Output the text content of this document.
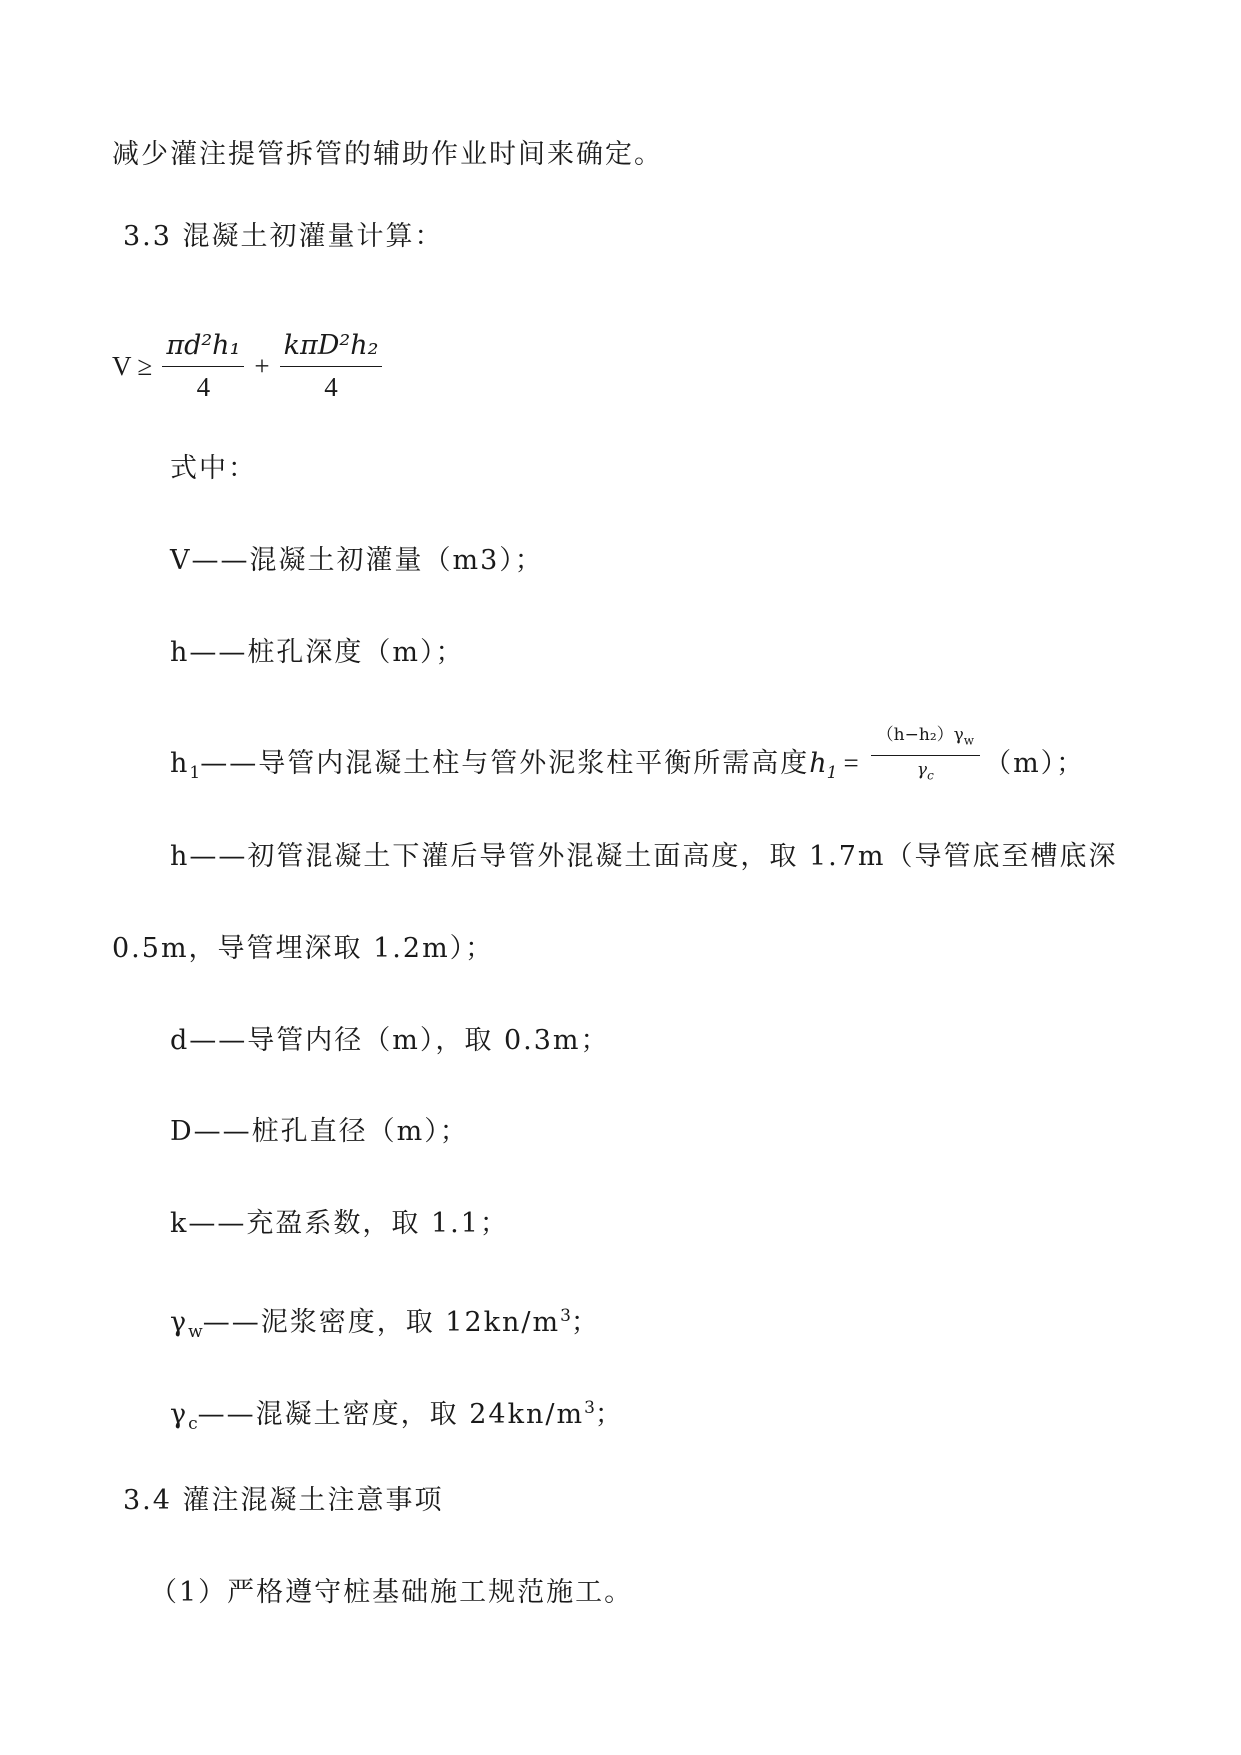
减少灌注提管拆管的辅助作业时间来确定。
3.3 混凝土初灌量计算：
$V \ge \frac{\text{πd²h₁}}{4} + \frac{\text{kπD²h₂}}{4}$
式中：
V——混凝土初灌量（m3）；
h——桩孔深度（m）；
$h_1——$导管内混凝土柱与管外泥浆柱平衡所需高度$h_1 = \frac{(h-h_2)\gamma_w}{\gamma_c} (m)$；
h——初管混凝土下灌后导管外混凝土面高度，取 1.7m（导管底至槽底深
0.5m，导管埋深取 1.2m）；
d——导管内径（m），取 0.3m；
D——桩孔直径（m）；
k——充盈系数，取 1.1；
$\gamma_w——$泥浆密度，取 $12kn/m^3$；
$\gamma_c——$混凝土密度，取 $24kn/m^3$；
3.4 灌注混凝土注意事项
（1）严格遵守桩基础施工规范施工。
